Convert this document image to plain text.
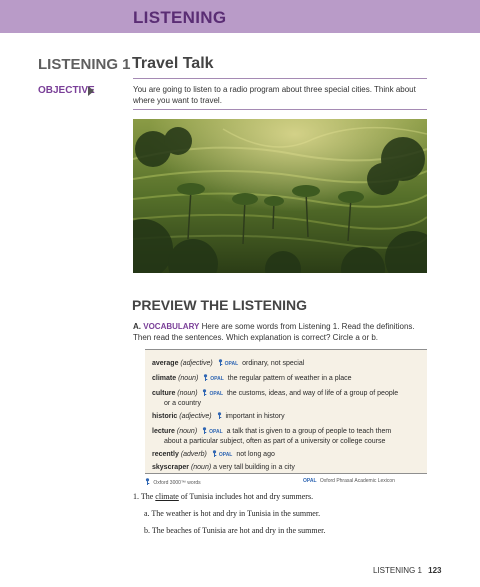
LISTENING
LISTENING 1 Travel Talk
OBJECTIVE	You are going to listen to a radio program about three special cities. Think about where you want to travel.
PREVIEW THE LISTENING
A. VOCABULARY Here are some words from Listening 1. Read the definitions. Then read the sentences. Which explanation is correct? Circle a or b.
average (adjective) OPAL ordinary, not special
climate (noun) OPAL the regular pattern of weather in a place
culture (noun) OPAL the customs, ideas, and way of life of a group of people
or a country
historic (adjective) important in history
lecture (noun) OPAL a talk that is given to a group of people to teach them
about a particular subject, often as part of a university or college course
recently (adverb) OPAL not long ago
skyscraper (noun) a very tall building in a city
Oxford 3000™ words	OPAL Oxford Phrasal Academic Lexicon
1. The climate of Tunisia includes hot and dry summers.
a. The weather is hot and dry in Tunisia in the summer.
b. The beaches of Tunisia are hot and dry in the summer.
LISTENING 1 123
